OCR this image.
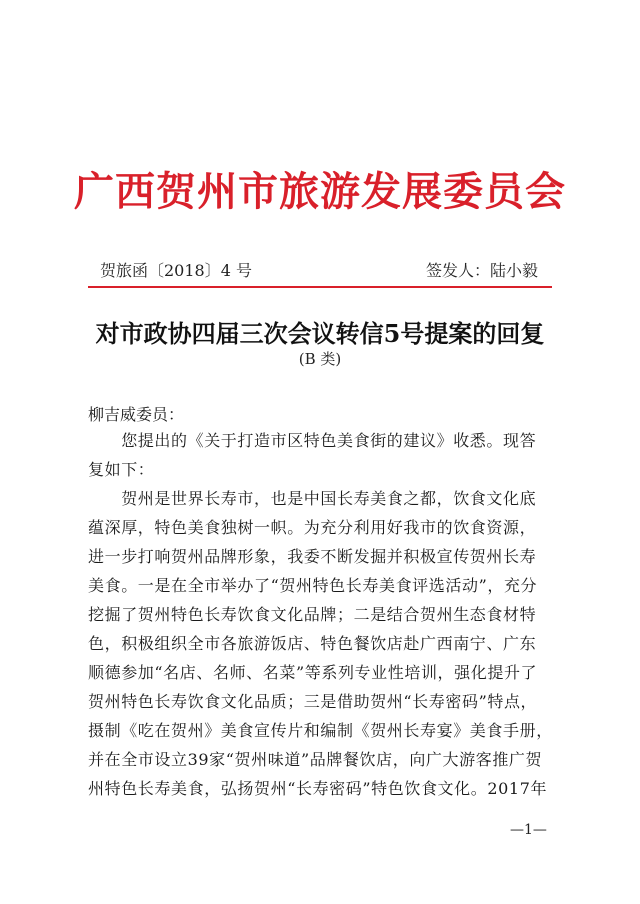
广西贺州市旅游发展委员会
贺旅函〔2018〕4 号	签发人：陆小毅
对市政协四届三次会议转信5号提案的回复
(B 类)
柳吉威委员：
　　您提出的《关于打造市区特色美食街的建议》收悉。现答
复如下：
　　贺州是世界长寿市，也是中国长寿美食之都，饮食文化底
蕴深厚，特色美食独树一帜。为充分利用好我市的饮食资源，
进一步打响贺州品牌形象，我委不断发掘并积极宣传贺州长寿
美食。一是在全市举办了“贺州特色长寿美食评选活动”，充分
挖掘了贺州特色长寿饮食文化品牌；二是结合贺州生态食材特
色，积极组织全市各旅游饭店、特色餐饮店赴广西南宁、广东
顺德参加“名店、名师、名菜”等系列专业性培训，强化提升了
贺州特色长寿饮食文化品质；三是借助贺州“长寿密码”特点，
摄制《吃在贺州》美食宣传片和编制《贺州长寿宴》美食手册，
并在全市设立39家“贺州味道”品牌餐饮店，向广大游客推广贺
州特色长寿美食，弘扬贺州“长寿密码”特色饮食文化。2017年
—1—
